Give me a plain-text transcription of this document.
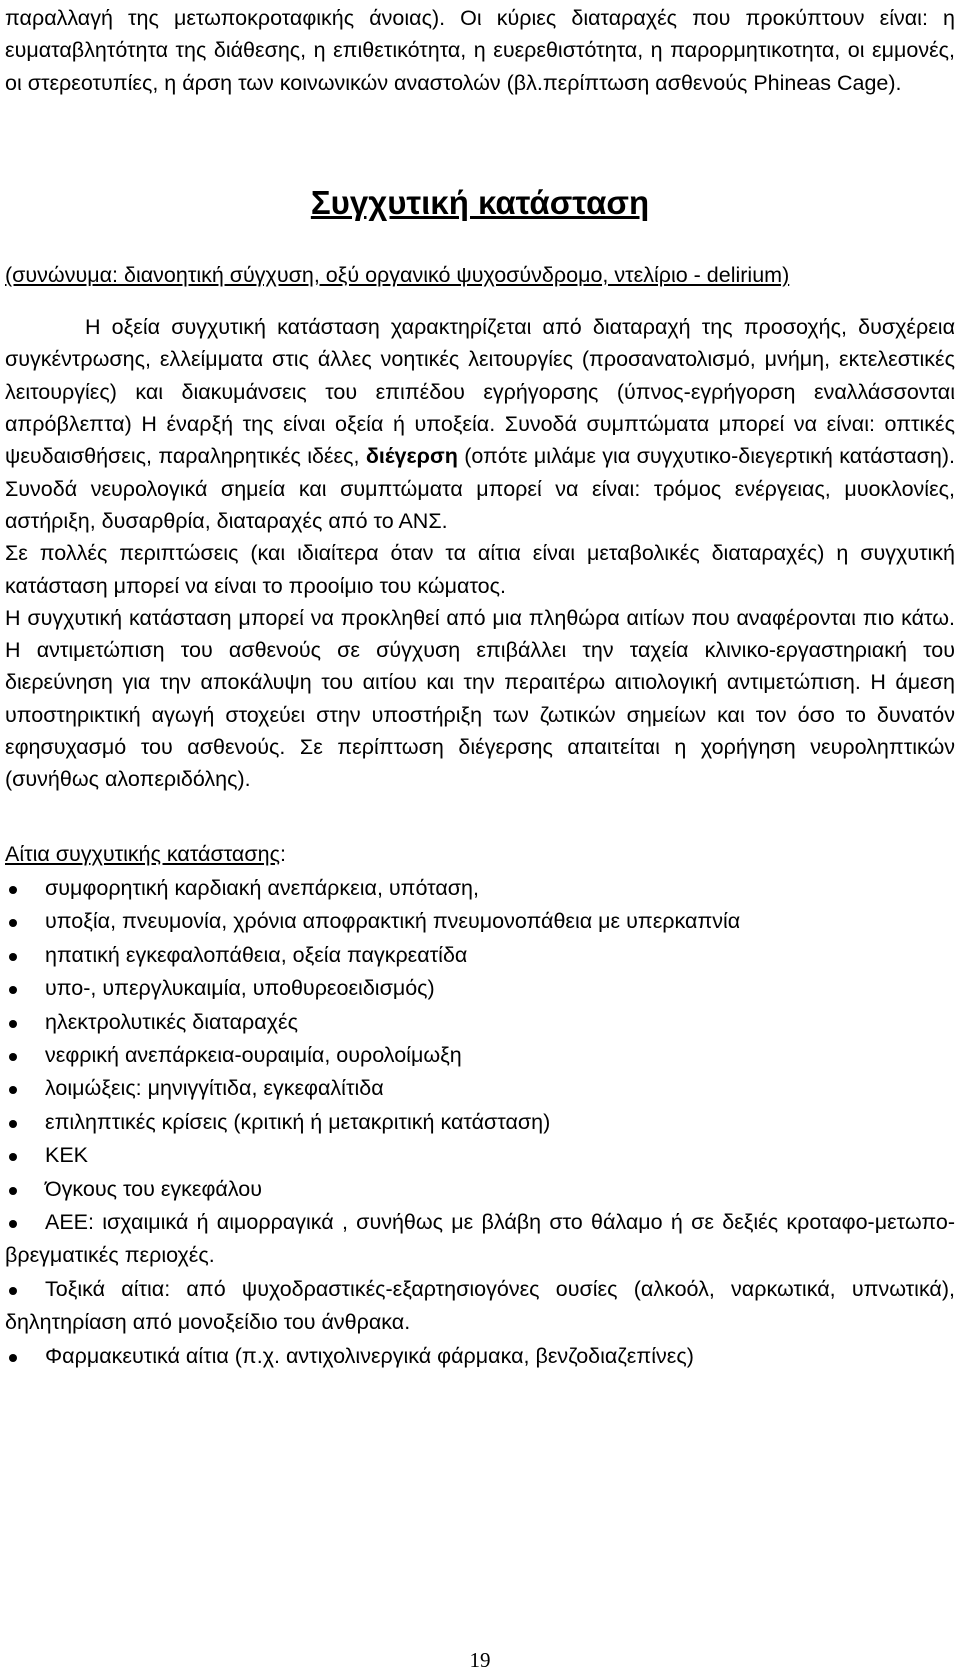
παραλλαγή της μετωποκροταφικής άνοιας). Οι κύριες διαταραχές που προκύπτουν είναι: η ευματαβλητότητα της διάθεσης, η επιθετικότητα, η ευερεθιστότητα, η παρορμητικοτητα, οι εμμονές, οι στερεοτυπίες, η άρση των κοινωνικών αναστολών (βλ.περίπτωση ασθενούς Phineas Cage).

Συγχυτική κατάσταση

(συνώνυμα: διανοητική σύγχυση, οξύ οργανικό ψυχοσύνδρομο, ντελίριο - delirium)

Η οξεία συγχυτική κατάσταση χαρακτηρίζεται από διαταραχή της προσοχής, δυσχέρεια συγκέντρωσης, ελλείμματα στις άλλες νοητικές λειτουργίες (προσανατολισμό, μνήμη, εκτελεστικές λειτουργίες) και διακυμάνσεις του επιπέδου εγρήγορσης (ύπνος-εγρήγορση εναλλάσσονται απρόβλεπτα) Η έναρξή της είναι οξεία ή υποξεία. Συνοδά συμπτώματα μπορεί να είναι: οπτικές ψευδαισθήσεις, παραληρητικές ιδέες, διέγερση (οπότε μιλάμε για συγχυτικο-διεγερτική κατάσταση). Συνοδά νευρολογικά σημεία και συμπτώματα μπορεί να είναι: τρόμος ενέργειας, μυοκλονίες, αστήριξη, δυσαρθρία, διαταραχές από το ΑΝΣ.
Σε πολλές περιπτώσεις (και ιδιαίτερα όταν τα αίτια είναι μεταβολικές διαταραχές) η συγχυτική κατάσταση μπορεί να είναι το προοίμιο του κώματος.
Η συγχυτική κατάσταση μπορεί να προκληθεί από μια πληθώρα αιτίων που αναφέρονται πιο κάτω. Η αντιμετώπιση του ασθενούς σε σύγχυση επιβάλλει την ταχεία κλινικο-εργαστηριακή του διερεύνηση για την αποκάλυψη του αιτίου και την περαιτέρω αιτιολογική αντιμετώπιση. Η άμεση υποστηρικτική αγωγή στοχεύει στην υποστήριξη των ζωτικών σημείων και τον όσο το δυνατόν εφησυχασμό του ασθενούς. Σε περίπτωση διέγερσης απαιτείται η χορήγηση νευροληπτικών (συνήθως αλοπεριδόλης).
Αίτια συγχυτικής κατάστασης:
συμφορητική καρδιακή ανεπάρκεια, υπόταση,
υποξία, πνευμονία, χρόνια αποφρακτική πνευμονοπάθεια με υπερκαπνία
ηπατική εγκεφαλοπάθεια, οξεία παγκρεατίδα
υπο-, υπεργλυκαιμία, υποθυρεοειδισμός)
ηλεκτρολυτικές διαταραχές
νεφρική ανεπάρκεια-ουραιμία, ουρολοίμωξη
λοιμώξεις: μηνιγγίτιδα, εγκεφαλίτιδα
επιληπτικές κρίσεις (κριτική ή μετακριτική κατάσταση)
ΚΕΚ
Όγκους του εγκεφάλου
ΑΕΕ: ισχαιμικά ή αιμορραγικά , συνήθως με βλάβη στο θάλαμο ή σε δεξιές κροταφο-μετωπο-βρεγματικές περιοχές.
Τοξικά αίτια: από ψυχοδραστικές-εξαρτησιογόνες ουσίες (αλκοόλ, ναρκωτικά, υπνωτικά), δηλητηρίαση από μονοξείδιο του άνθρακα.
Φαρμακευτικά αίτια (π.χ. αντιχολινεργικά φάρμακα, βενζοδιαζεπίνες)
19
